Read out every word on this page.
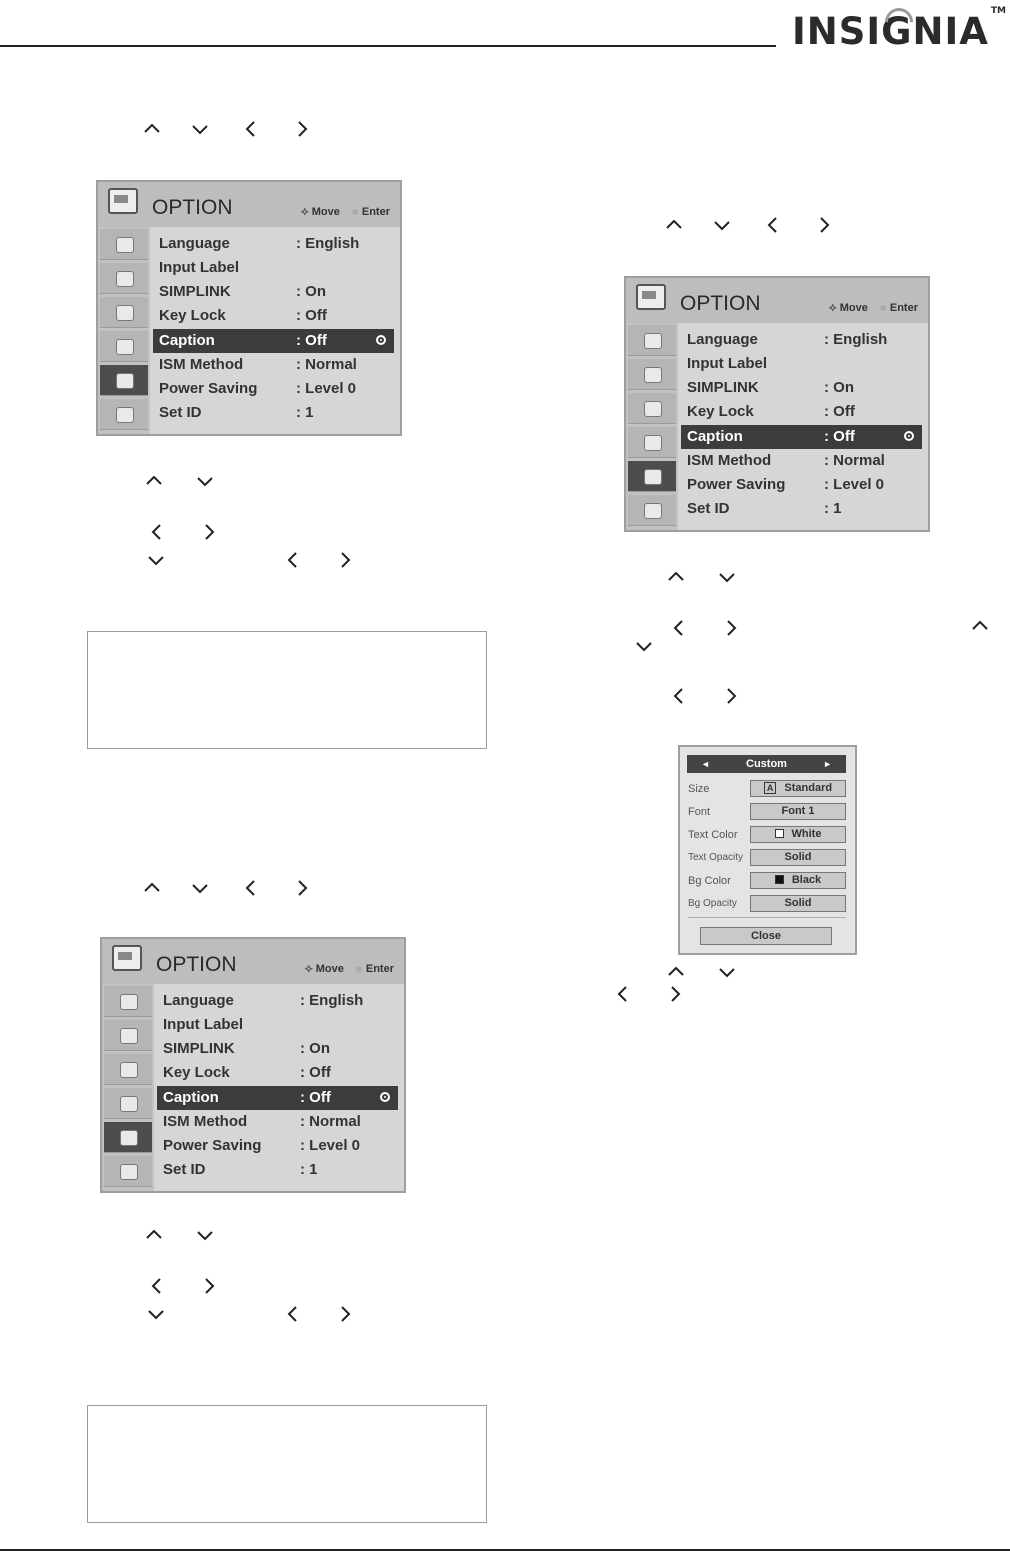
INSIGNIA TM
OPTION	⟡ Move Enter
Language	: English
Input Label
SIMPLINK	: On
Key Lock	: Off
Caption	: Off
ISM Method	: Normal
Power Saving	: Level 0
Set ID	: 1
OPTION	⟡ Move Enter
Language	: English
Input Label
SIMPLINK	: On
Key Lock	: Off
Caption	: Off
ISM Method	: Normal
Power Saving	: Level 0
Set ID	: 1
OPTION	⟡ Move Enter
Language	: English
Input Label
SIMPLINK	: On
Key Lock	: Off
Caption	: Off
ISM Method	: Normal
Power Saving	: Level 0
Set ID	: 1
◄	Custom	►
Size	A Standard
Font	Font 1
Text Color	White
Text Opacity	Solid
Bg Color	Black
Bg Opacity	Solid
Close
